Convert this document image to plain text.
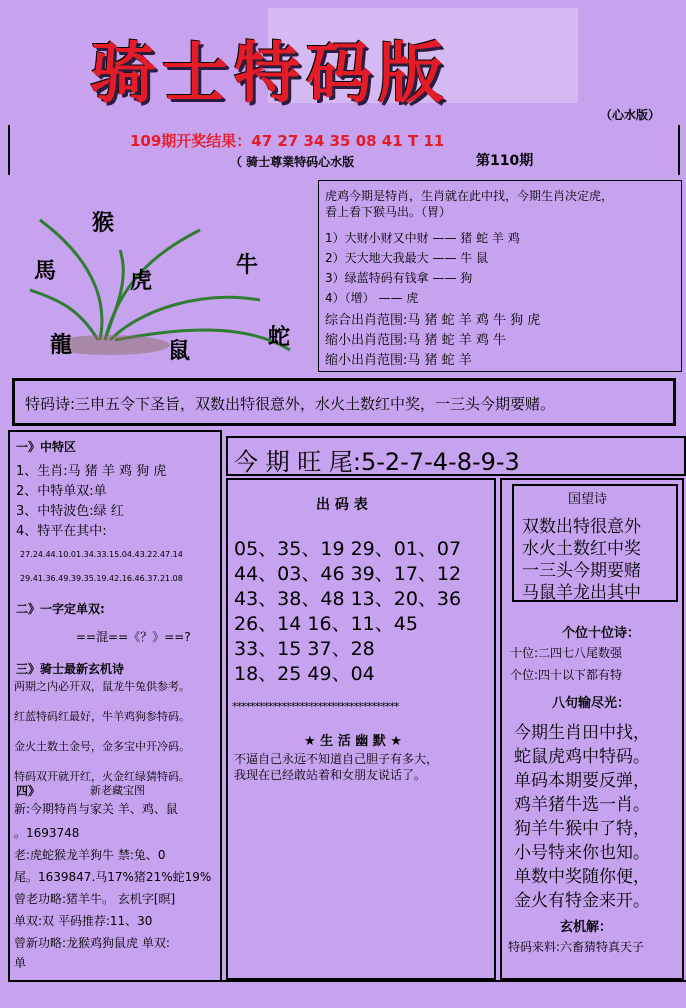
骑士特码版
（心水版）
109期开奖结果：47 27 34 35 08 41 T 11
（ 骑士尊業特码心水版	第110期
猴
牛
馬	虎
龍	鼠
蛇
虎鸡今期是特肖，生肖就在此中找，今期生肖决定虎，
看上看下猴马出。（胃）
1）大财小财又中财 —— 猪 蛇 羊 鸡
2）天大地大我最大 —— 牛 鼠
3）绿蓝特码有钱拿 —— 狗
4）（增） —— 虎
综合出肖范围:马 猪 蛇 羊 鸡 牛 狗 虎
缩小出肖范围:马 猪 蛇 羊 鸡 牛
缩小出肖范围:马 猪 蛇 羊
特码诗:三申五令下圣旨，双数出特很意外，水火土数红中奖，一三头今期要赌。
一》中特区
1、生肖:马 猪 羊 鸡 狗 虎
2、中特单双:单
3、中特波色:绿 红
4、特平在其中:
27.24.44.10.01.34.33.15.04.43.22.47.14
29.41.36.49.39.35.19.42.16.46.37.21.08
二》一字定单双:
==混==《？》==?
三》骑士最新玄机诗
两期之内必开双，鼠龙牛兔供参考。
红蓝特码红最好，牛羊鸡狗参特码。
金火土数土金号，金多宝中开冷码。
特码双开就开红，火金红绿猜特码。
四》	新老藏宝图
新:今期特肖与家关 羊、鸡、鼠
。1693748
老:虎蛇猴龙羊狗牛 禁:兔、0
尾。1639847.马17%猪21%蛇19%
曾老功略:猪羊牛。 玄机字[暝]
单双:双 平码推荐:11、30
曾新功略:龙猴鸡狗鼠虎 单双:
单
今 期 旺 尾:5-2-7-4-8-9-3
出 码 表
05、35、19 29、01、07
44、03、46 39、17、12
43、38、48 13、20、36
26、14 16、11、45
33、15 37、28
18、25 49、04
*************************************
★ 生 活 幽 默 ★
不逼自己永远不知道自己胆子有多大，
我现在已经敢站着和女朋友说话了。
国望诗
双数出特很意外
水火土数红中奖
一三头今期要赌
马鼠羊龙出其中
个位十位诗：
十位:二四七八尾数强
个位:四十以下都有特
八句输尽光：
今期生肖田中找，
蛇鼠虎鸡中特码。
单码本期要反弹，
鸡羊猪牛选一肖。
狗羊牛猴中了特，
小号特来你也知。
单数中奖随你便，
金火有特金来开。
玄机解：
特码来料:六畜猜特真天子
